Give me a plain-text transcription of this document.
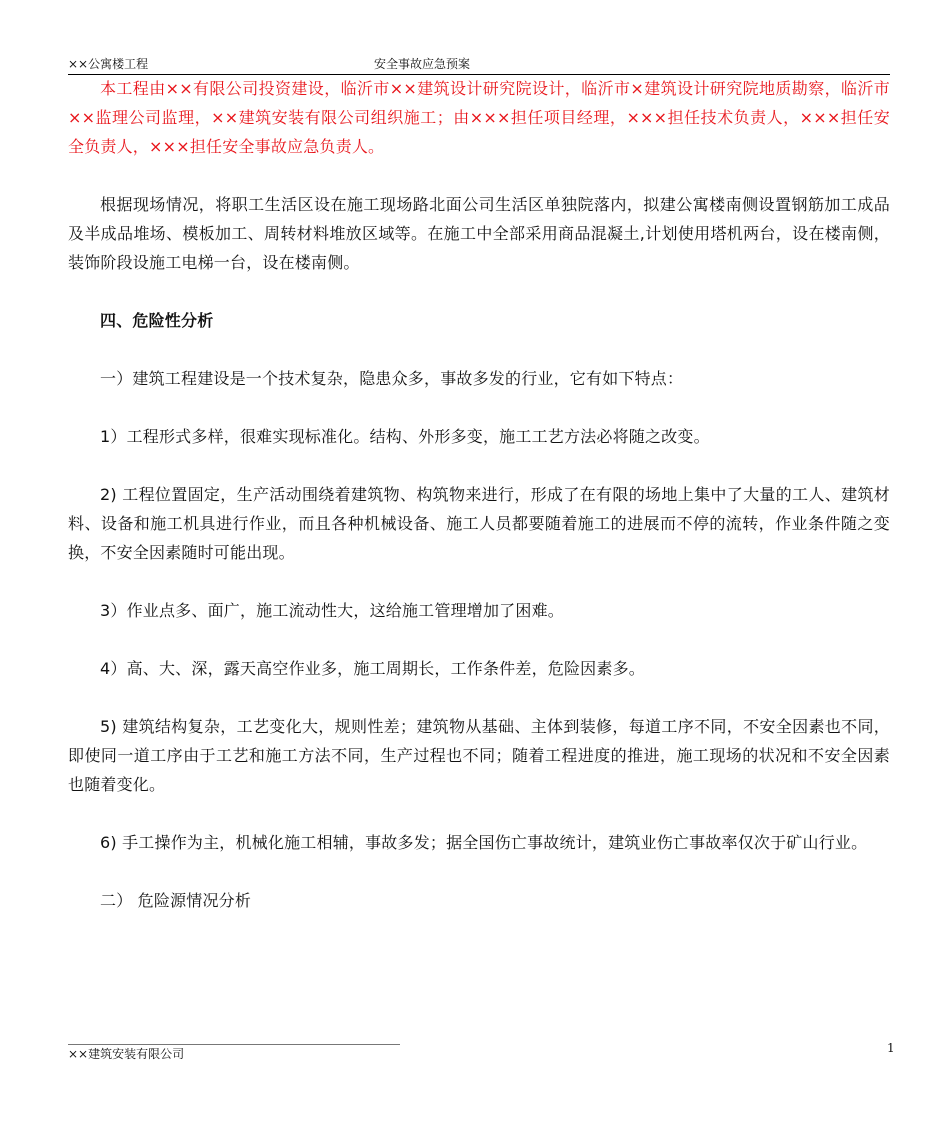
××公寓楼工程	安全事故应急预案

本工程由××有限公司投资建设，临沂市××建筑设计研究院设计，临沂市×建筑设计研究院地质勘察，临沂市××监理公司监理，××建筑安装有限公司组织施工；由×××担任项目经理，×××担任技术负责人，×××担任安全负责人，×××担任安全事故应急负责人。

根据现场情况，将职工生活区设在施工现场路北面公司生活区单独院落内，拟建公寓楼南侧设置钢筋加工成品及半成品堆场、模板加工、周转材料堆放区域等。在施工中全部采用商品混凝土,计划使用塔机两台，设在楼南侧，装饰阶段设施工电梯一台，设在楼南侧。

四、危险性分析

一）建筑工程建设是一个技术复杂，隐患众多，事故多发的行业，它有如下特点：

1）工程形式多样，很难实现标准化。结构、外形多变，施工工艺方法必将随之改变。

2) 工程位置固定，生产活动围绕着建筑物、构筑物来进行，形成了在有限的场地上集中了大量的工人、建筑材料、设备和施工机具进行作业，而且各种机械设备、施工人员都要随着施工的进展而不停的流转，作业条件随之变换，不安全因素随时可能出现。

3）作业点多、面广，施工流动性大，这给施工管理增加了困难。

4）高、大、深，露天高空作业多，施工周期长，工作条件差，危险因素多。

5) 建筑结构复杂，工艺变化大，规则性差；建筑物从基础、主体到装修，每道工序不同，不安全因素也不同，即使同一道工序由于工艺和施工方法不同，生产过程也不同；随着工程进度的推进，施工现场的状况和不安全因素也随着变化。

6) 手工操作为主，机械化施工相辅，事故多发；据全国伤亡事故统计，建筑业伤亡事故率仅次于矿山行业。

二） 危险源情况分析

××建筑安装有限公司	1
